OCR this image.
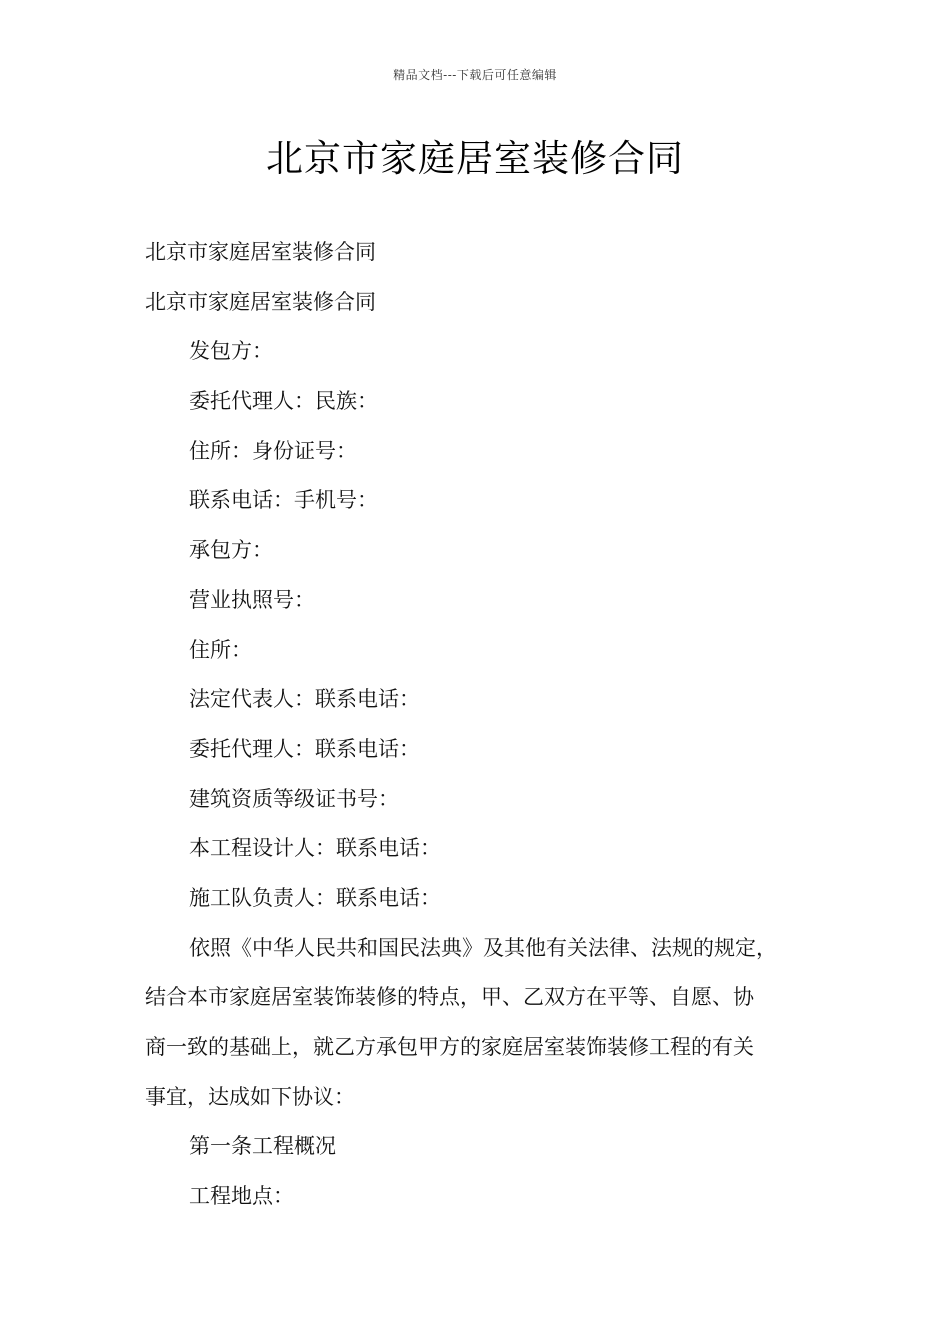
精品文档---下载后可任意编辑
北京市家庭居室装修合同
北京市家庭居室装修合同
北京市家庭居室装修合同
发包方：
委托代理人：民族：
住所：身份证号：
联系电话：手机号：
承包方：
营业执照号：
住所：
法定代表人：联系电话：
委托代理人：联系电话：
建筑资质等级证书号：
本工程设计人：联系电话：
施工队负责人：联系电话：
依照《中华人民共和国民法典》及其他有关法律、法规的规定，
结合本市家庭居室装饰装修的特点，甲、乙双方在平等、自愿、协
商一致的基础上，就乙方承包甲方的家庭居室装饰装修工程的有关
事宜，达成如下协议：
第一条工程概况
工程地点：
